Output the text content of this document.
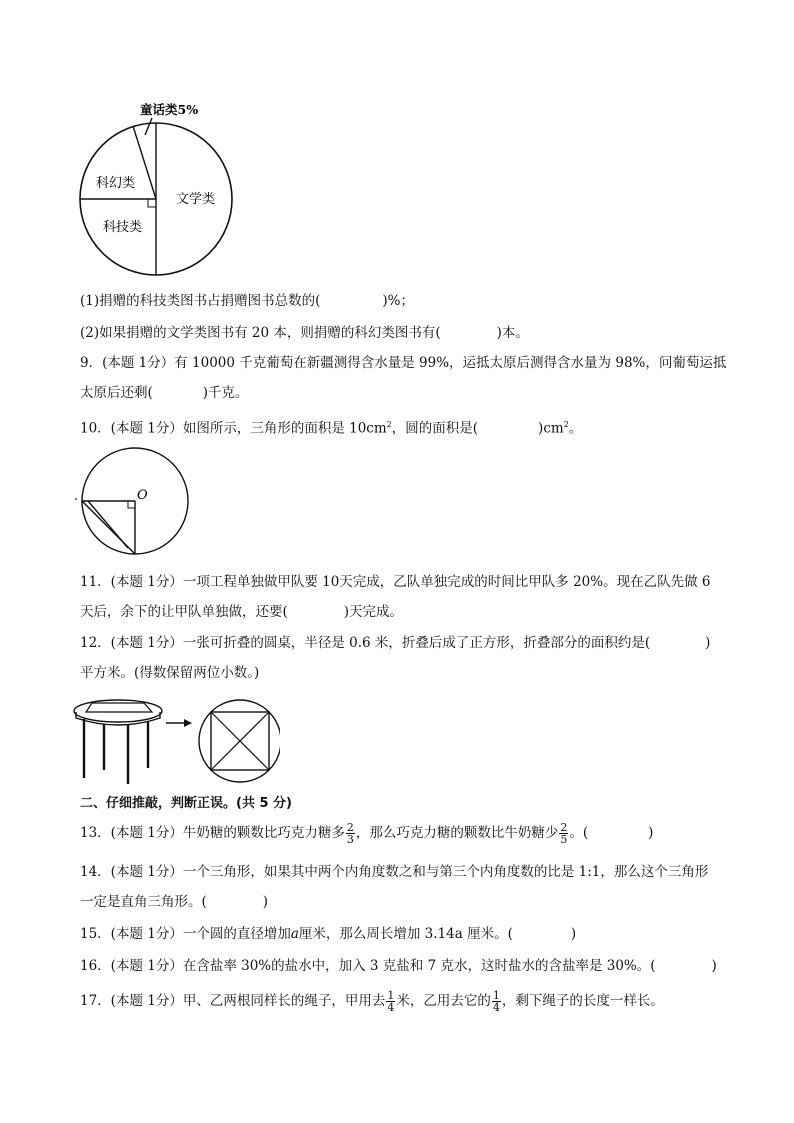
童话类5%
科幻类
科技类
文学类
(1)捐赠的科技类图书占捐赠图书总数的(	)%；
(2)如果捐赠的文学类图书有 20 本，则捐赠的科幻类图书有(	)本。
9．(本题 1分）有 10000 千克葡萄在新疆测得含水量是 99%，运抵太原后测得含水量为 98%，问葡萄运抵
太原后还剩(	)千克。
10．(本题 1分）如图所示，三角形的面积是 $10cm^2$，圆的面积是(	)$cm^2$。
O
11．(本题 1分）一项工程单独做甲队要 10天完成，乙队单独完成的时间比甲队多 20%。现在乙队先做 6
天后，余下的让甲队单独做，还要(	)天完成。
12．(本题 1分）一张可折叠的圆桌，半径是 0.6 米，折叠后成了正方形，折叠部分的面积约是(	)
平方米。(得数保留两位小数。)
二、仔细推敲，判断正误。(共 5 分)
13．(本题 1分）牛奶糖的颗数比巧克力糖多 $\frac{2}{3}$ ，那么巧克力糖的颗数比牛奶糖少 $\frac{2}{5}$ 。(	)
14．(本题 1分）一个三角形，如果其中两个内角度数之和与第三个内角度数的比是 1:1，那么这个三角形
一定是直角三角形。(	)
15．(本题 1分）一个圆的直径增加a厘米，那么周长增加 3.14a 厘米。(	)
16．(本题 1分）在含盐率 30%的盐水中，加入 3 克盐和 7 克水，这时盐水的含盐率是 30%。(	)
17．(本题 1分）甲、乙两根同样长的绳子，甲用去 $\frac{1}{4}$ 米，乙用去它的 $\frac{1}{4}$ ，剩下绳子的长度一样长。
